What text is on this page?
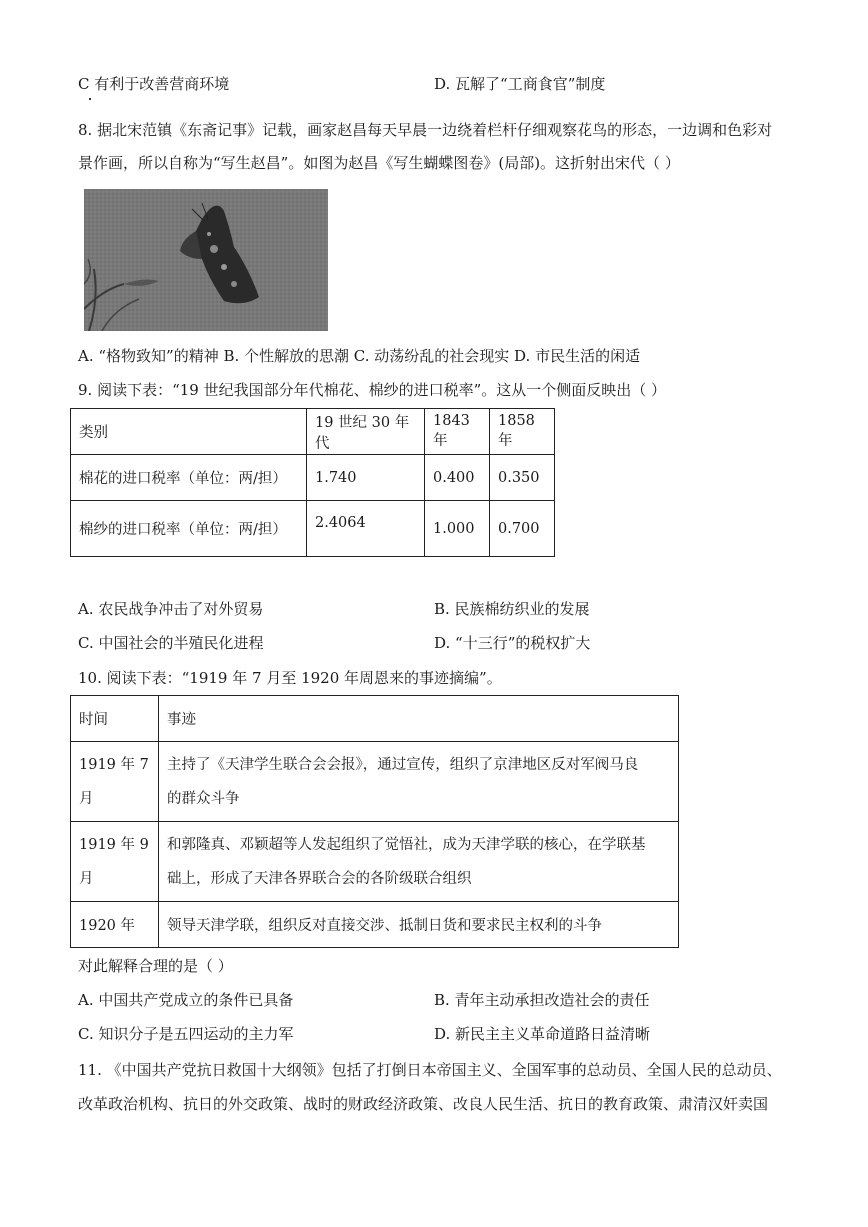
C 有利于改善营商环境	D. 瓦解了“工商食官”制度
8. 据北宋范镇《东斋记事》记载，画家赵昌每天早晨一边绕着栏杆仔细观察花鸟的形态，一边调和色彩对
景作画，所以自称为“写生赵昌”。如图为赵昌《写生蝴蝶图卷》(局部)。这折射出宋代（ ）
A. “格物致知”的精神 B. 个性解放的思潮 C. 动荡纷乱的社会现实 D. 市民生活的闲适
9. 阅读下表：“19 世纪我国部分年代棉花、棉纱的进口税率”。这从一个侧面反映出（ ）
类别	19 世纪 30 年代	1843 年	1858 年
棉花的进口税率（单位：两/担）	1.740	0.400	0.350
棉纱的进口税率（单位：两/担）	2.4064	1.000	0.700
A. 农民战争冲击了对外贸易	B. 民族棉纺织业的发展
C. 中国社会的半殖民化进程	D. “十三行”的税权扩大
10. 阅读下表：“1919 年 7 月至 1920 年周恩来的事迹摘编”。
时间	事迹
1919 年 7
月	主持了《天津学生联合会会报》，通过宣传，组织了京津地区反对军阀马良
的群众斗争
1919 年 9
月	和郭隆真、邓颖超等人发起组织了觉悟社，成为天津学联的核心，在学联基
础上，形成了天津各界联合会的各阶级联合组织
1920 年	领导天津学联，组织反对直接交涉、抵制日货和要求民主权利的斗争
对此解释合理的是（ ）
A. 中国共产党成立的条件已具备	B. 青年主动承担改造社会的责任
C. 知识分子是五四运动的主力军	D. 新民主主义革命道路日益清晰
11. 《中国共产党抗日救国十大纲领》包括了打倒日本帝国主义、全国军事的总动员、全国人民的总动员、
改革政治机构、抗日的外交政策、战时的财政经济政策、改良人民生活、抗日的教育政策、肃清汉奸卖国
